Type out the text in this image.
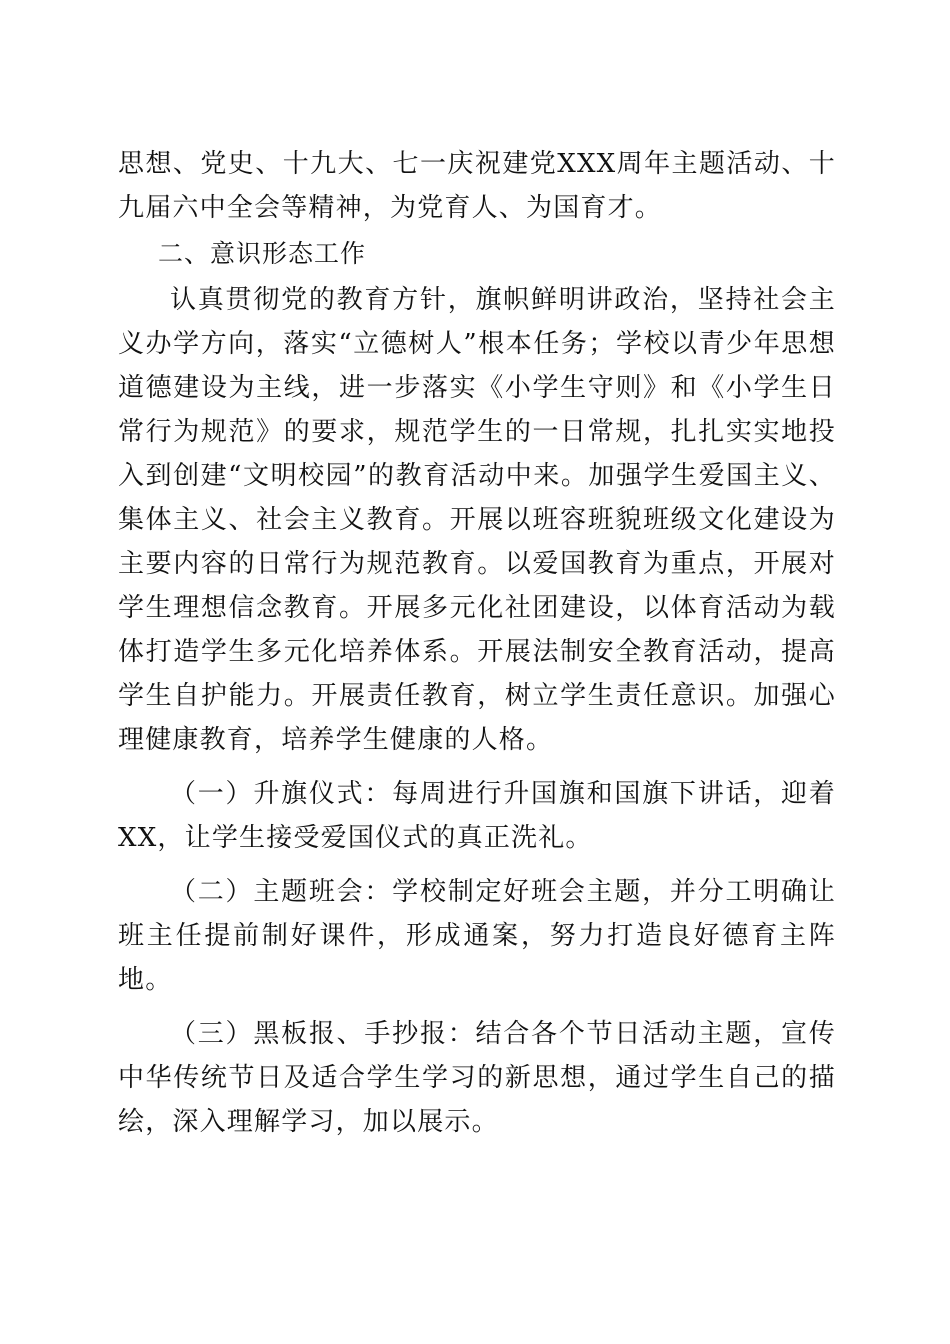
思想、党史、十九大、七一庆祝建党XXX周年主题活动、十九届六中全会等精神，为党育人、为国育才。

二、意识形态工作

认真贯彻党的教育方针，旗帜鲜明讲政治，坚持社会主义办学方向，落实“立德树人”根本任务；学校以青少年思想道德建设为主线，进一步落实《小学生守则》和《小学生日常行为规范》的要求，规范学生的一日常规，扎扎实实地投入到创建“文明校园”的教育活动中来。加强学生爱国主义、集体主义、社会主义教育。开展以班容班貌班级文化建设为主要内容的日常行为规范教育。以爱国教育为重点，开展对学生理想信念教育。开展多元化社团建设，以体育活动为载体打造学生多元化培养体系。开展法制安全教育活动，提高学生自护能力。开展责任教育，树立学生责任意识。加强心理健康教育，培养学生健康的人格。

（一）升旗仪式：每周进行升国旗和国旗下讲话，迎着XX，让学生接受爱国仪式的真正洗礼。

（二）主题班会：学校制定好班会主题，并分工明确让班主任提前制好课件，形成通案，努力打造良好德育主阵地。

（三）黑板报、手抄报：结合各个节日活动主题，宣传中华传统节日及适合学生学习的新思想，通过学生自己的描绘，深入理解学习，加以展示。
